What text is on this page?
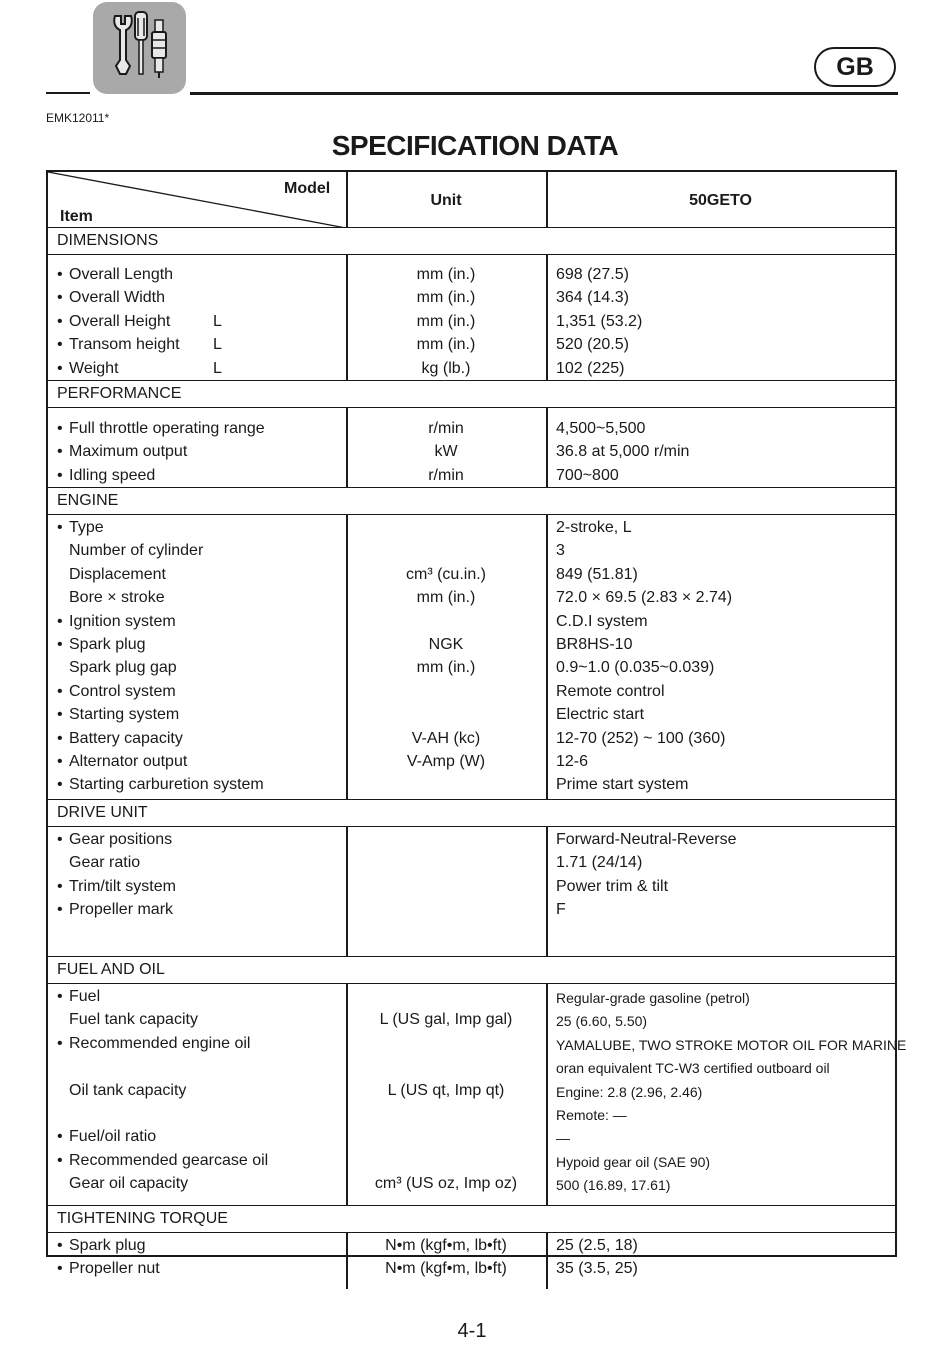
GB
EMK12011*
SPECIFICATION DATA
Model
Item
Unit	50GETO
DIMENSIONS
• Overall Length	mm (in.)	698 (27.5)
• Overall Width	mm (in.)	364 (14.3)
• Overall Height	L	mm (in.)	1,351 (53.2)
• Transom height L	mm (in.)	520 (20.5)
• Weight	L	kg (lb.)	102 (225)
PERFORMANCE
• Full throttle operating range	r/min	4,500~5,500
• Maximum output	kW	36.8 at 5,000 r/min
• Idling speed	r/min	700~800
ENGINE
• Type	2-stroke, L
Number of cylinder	3
Displacement	cm³ (cu.in.)	849 (51.81)
Bore × stroke	mm (in.)	72.0 × 69.5 (2.83 × 2.74)
• Ignition system	C.D.I system
• Spark plug	NGK	BR8HS-10
Spark plug gap	mm (in.)	0.9~1.0 (0.035~0.039)
• Control system	Remote control
• Starting system	Electric start
• Battery capacity	V-AH (kc)	12-70 (252) ~ 100 (360)
• Alternator output	V-Amp (W)	12-6
• Starting carburetion system	Prime start system
DRIVE UNIT
• Gear positions	Forward-Neutral-Reverse
Gear ratio	1.71 (24/14)
• Trim/tilt system	Power trim & tilt
• Propeller mark	F
FUEL AND OIL
• Fuel	Regular-grade gasoline (petrol)
Fuel tank capacity	L (US gal, Imp gal)	25 (6.60, 5.50)
• Recommended engine oil	YAMALUBE, TWO STROKE MOTOR OIL FOR MARINE
oran equivalent TC-W3 certified outboard oil
Oil tank capacity	L (US qt, Imp qt)	Engine: 2.8 (2.96, 2.46)
Remote: —
• Fuel/oil ratio	—
• Recommended gearcase oil	Hypoid gear oil (SAE 90)
Gear oil capacity	cm³ (US oz, Imp oz)	500 (16.89, 17.61)
TIGHTENING TORQUE
• Spark plug	N•m (kgf•m, lb•ft)	25 (2.5, 18)
• Propeller nut	N•m (kgf•m, lb•ft)	35 (3.5, 25)
4-1
